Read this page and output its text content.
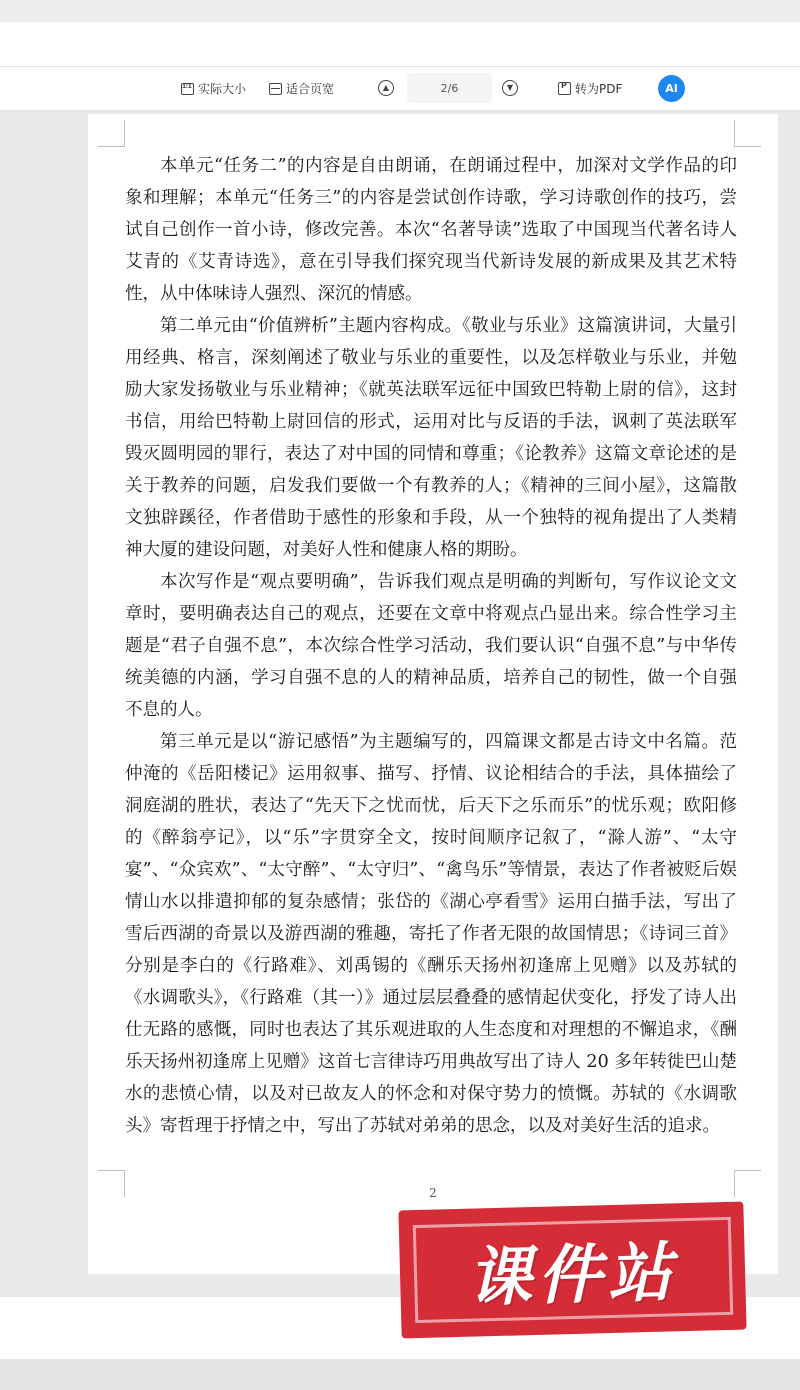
1:1
实际大小	适合页宽	▲	2/6	▼
P	转为PDF	AI

本单元“任务二”的内容是自由朗诵，在朗诵过程中，加深对文学作品的印象和理解；本单元“任务三”的内容是尝试创作诗歌，学习诗歌创作的技巧，尝试自己创作一首小诗，修改完善。本次“名著导读”选取了中国现当代著名诗人艾青的《艾青诗选》，意在引导我们探究现当代新诗发展的新成果及其艺术特性，从中体味诗人强烈、深沉的情感。

第二单元由“价值辨析”主题内容构成。《敬业与乐业》这篇演讲词，大量引用经典、格言，深刻阐述了敬业与乐业的重要性，以及怎样敬业与乐业，并勉励大家发扬敬业与乐业精神；《就英法联军远征中国致巴特勒上尉的信》，这封书信，用给巴特勒上尉回信的形式，运用对比与反语的手法，讽刺了英法联军毁灭圆明园的罪行，表达了对中国的同情和尊重；《论教养》这篇文章论述的是关于教养的问题，启发我们要做一个有教养的人；《精神的三间小屋》，这篇散文独辟蹊径，作者借助于感性的形象和手段，从一个独特的视角提出了人类精神大厦的建设问题，对美好人性和健康人格的期盼。

本次写作是“观点要明确”，告诉我们观点是明确的判断句，写作议论文文章时，要明确表达自己的观点，还要在文章中将观点凸显出来。综合性学习主题是“君子自强不息”，本次综合性学习活动，我们要认识“自强不息”与中华传统美德的内涵，学习自强不息的人的精神品质，培养自己的韧性，做一个自强不息的人。

第三单元是以“游记感悟”为主题编写的，四篇课文都是古诗文中名篇。范仲淹的《岳阳楼记》运用叙事、描写、抒情、议论相结合的手法，具体描绘了洞庭湖的胜状，表达了“先天下之忧而忧，后天下之乐而乐”的忧乐观；欧阳修的《醉翁亭记》，以“乐”字贯穿全文，按时间顺序记叙了，“滁人游”、“太守宴”、“众宾欢”、“太守醉”、“太守归”、“禽鸟乐”等情景，表达了作者被贬后娱情山水以排遣抑郁的复杂感情；张岱的《湖心亭看雪》运用白描手法，写出了雪后西湖的奇景以及游西湖的雅趣，寄托了作者无限的故国情思；《诗词三首》分别是李白的《行路难》、刘禹锡的《酬乐天扬州初逢席上见赠》以及苏轼的《水调歌头》，《行路难（其一）》通过层层叠叠的感情起伏变化，抒发了诗人出仕无路的感慨，同时也表达了其乐观进取的人生态度和对理想的不懈追求，《酬乐天扬州初逢席上见赠》这首七言律诗巧用典故写出了诗人 20 多年转徙巴山楚水的悲愤心情，以及对已故友人的怀念和对保守势力的愤慨。苏轼的《水调歌头》寄哲理于抒情之中，写出了苏轼对弟弟的思念，以及对美好生活的追求。

2
课件站
